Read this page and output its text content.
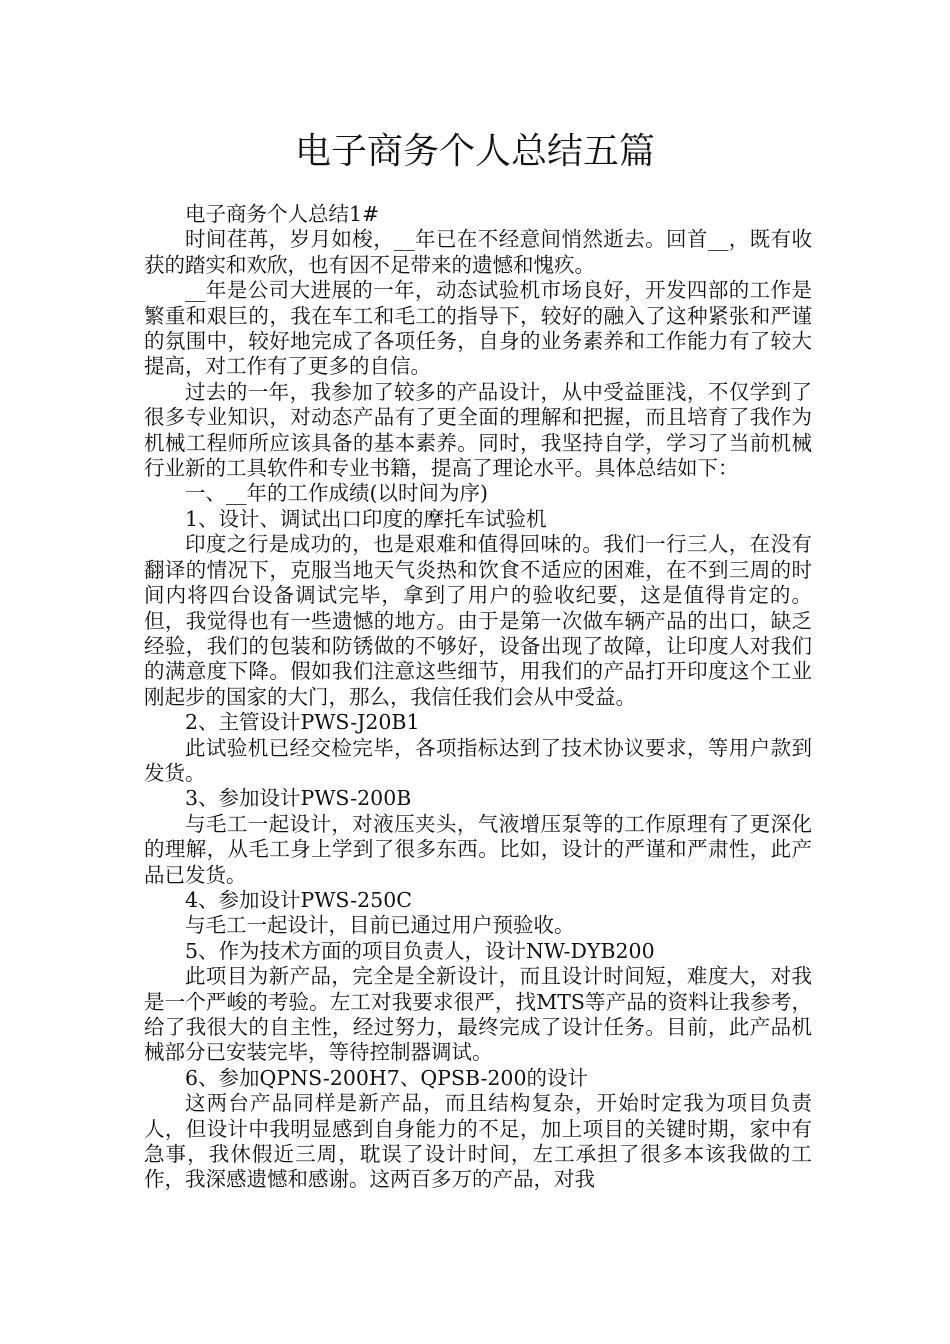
电子商务个人总结五篇

电子商务个人总结1#

时间荏苒，岁月如梭，__年已在不经意间悄然逝去。回首__，既有收获的踏实和欢欣，也有因不足带来的遗憾和愧疚。

__年是公司大进展的一年，动态试验机市场良好，开发四部的工作是繁重和艰巨的，我在车工和毛工的指导下，较好的融入了这种紧张和严谨的氛围中，较好地完成了各项任务，自身的业务素养和工作能力有了较大提高，对工作有了更多的自信。

过去的一年，我参加了较多的产品设计，从中受益匪浅，不仅学到了很多专业知识，对动态产品有了更全面的理解和把握，而且培育了我作为机械工程师所应该具备的基本素养。同时，我坚持自学，学习了当前机械行业新的工具软件和专业书籍，提高了理论水平。具体总结如下：

一、__年的工作成绩(以时间为序)

1、设计、调试出口印度的摩托车试验机

印度之行是成功的，也是艰难和值得回味的。我们一行三人，在没有翻译的情况下，克服当地天气炎热和饮食不适应的困难，在不到三周的时间内将四台设备调试完毕，拿到了用户的验收纪要，这是值得肯定的。但，我觉得也有一些遗憾的地方。由于是第一次做车辆产品的出口，缺乏经验，我们的包装和防锈做的不够好，设备出现了故障，让印度人对我们的满意度下降。假如我们注意这些细节，用我们的产品打开印度这个工业刚起步的国家的大门，那么，我信任我们会从中受益。

2、主管设计PWS-J20B1

此试验机已经交检完毕，各项指标达到了技术协议要求，等用户款到发货。

3、参加设计PWS-200B

与毛工一起设计，对液压夹头，气液增压泵等的工作原理有了更深化的理解，从毛工身上学到了很多东西。比如，设计的严谨和严肃性，此产品已发货。

4、参加设计PWS-250C

与毛工一起设计，目前已通过用户预验收。

5、作为技术方面的项目负责人，设计NW-DYB200

此项目为新产品，完全是全新设计，而且设计时间短，难度大，对我是一个严峻的考验。左工对我要求很严，找MTS等产品的资料让我参考，给了我很大的自主性，经过努力，最终完成了设计任务。目前，此产品机械部分已安装完毕，等待控制器调试。

6、参加QPNS-200H7、QPSB-200的设计

这两台产品同样是新产品，而且结构复杂，开始时定我为项目负责人，但设计中我明显感到自身能力的不足，加上项目的关键时期，家中有急事，我休假近三周，耽误了设计时间，左工承担了很多本该我做的工作，我深感遗憾和感谢。这两百多万的产品，对我
